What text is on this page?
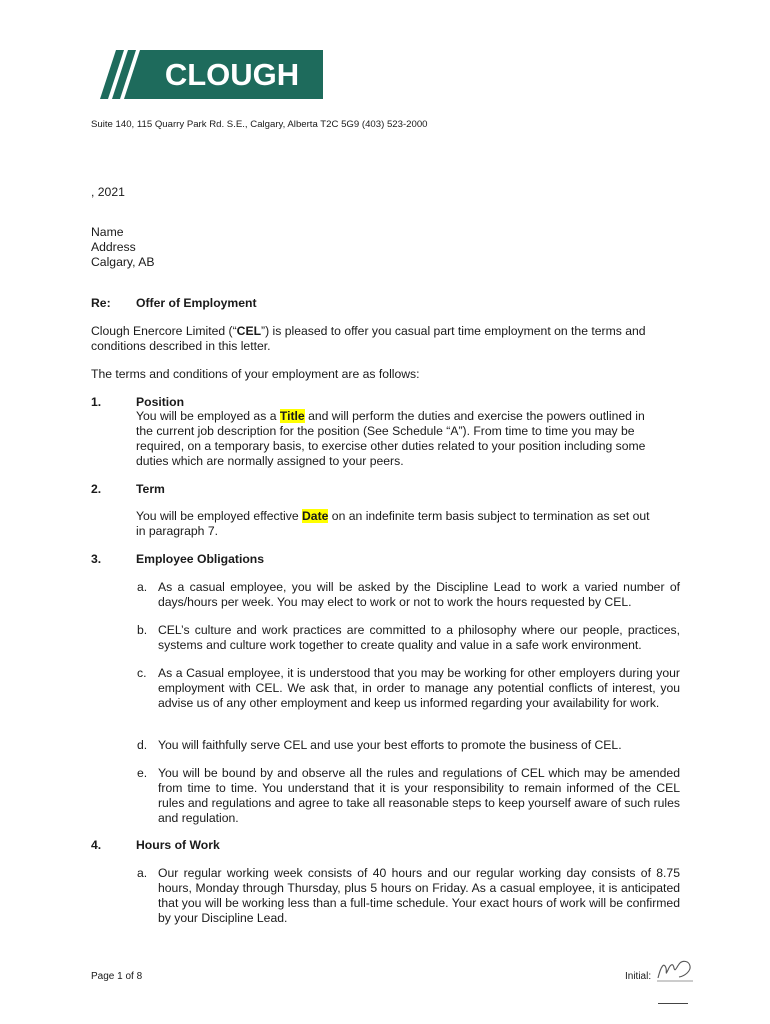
CLOUGH
Suite 140, 115 Quarry Park Rd. S.E., Calgary, Alberta T2C 5G9 (403) 523-2000
, 2021
Name
Address
Calgary, AB
Re: Offer of Employment
Clough Enercore Limited (“CEL”) is pleased to offer you casual part time employment on the terms and
conditions described in this letter.
The terms and conditions of your employment are as follows:
1.	Position
You will be employed as a Title and will perform the duties and exercise the powers outlined in
the current job description for the position (See Schedule “A”). From time to time you may be
required, on a temporary basis, to exercise other duties related to your position including some
duties which are normally assigned to your peers.
2.	Term
You will be employed effective Date on an indefinite term basis subject to termination as set out
in paragraph 7.
3.	Employee Obligations
a. As a casual employee, you will be asked by the Discipline Lead to work a varied number of days/hours per week. You may elect to work or not to work the hours requested by CEL.
b. CEL’s culture and work practices are committed to a philosophy where our people, practices, systems and culture work together to create quality and value in a safe work environment.
c. As a Casual employee, it is understood that you may be working for other employers during your employment with CEL. We ask that, in order to manage any potential conflicts of interest, you advise us of any other employment and keep us informed regarding your availability for work.
d. You will faithfully serve CEL and use your best efforts to promote the business of CEL.
e. You will be bound by and observe all the rules and regulations of CEL which may be amended from time to time. You understand that it is your responsibility to remain informed of the CEL rules and regulations and agree to take all reasonable steps to keep yourself aware of such rules and regulation.
4.	Hours of Work
a. Our regular working week consists of 40 hours and our regular working day consists of 8.75 hours, Monday through Thursday, plus 5 hours on Friday. As a casual employee, it is anticipated that you will be working less than a full-time schedule. Your exact hours of work will be confirmed by your Discipline Lead.
Page 1 of 8	Initial:
